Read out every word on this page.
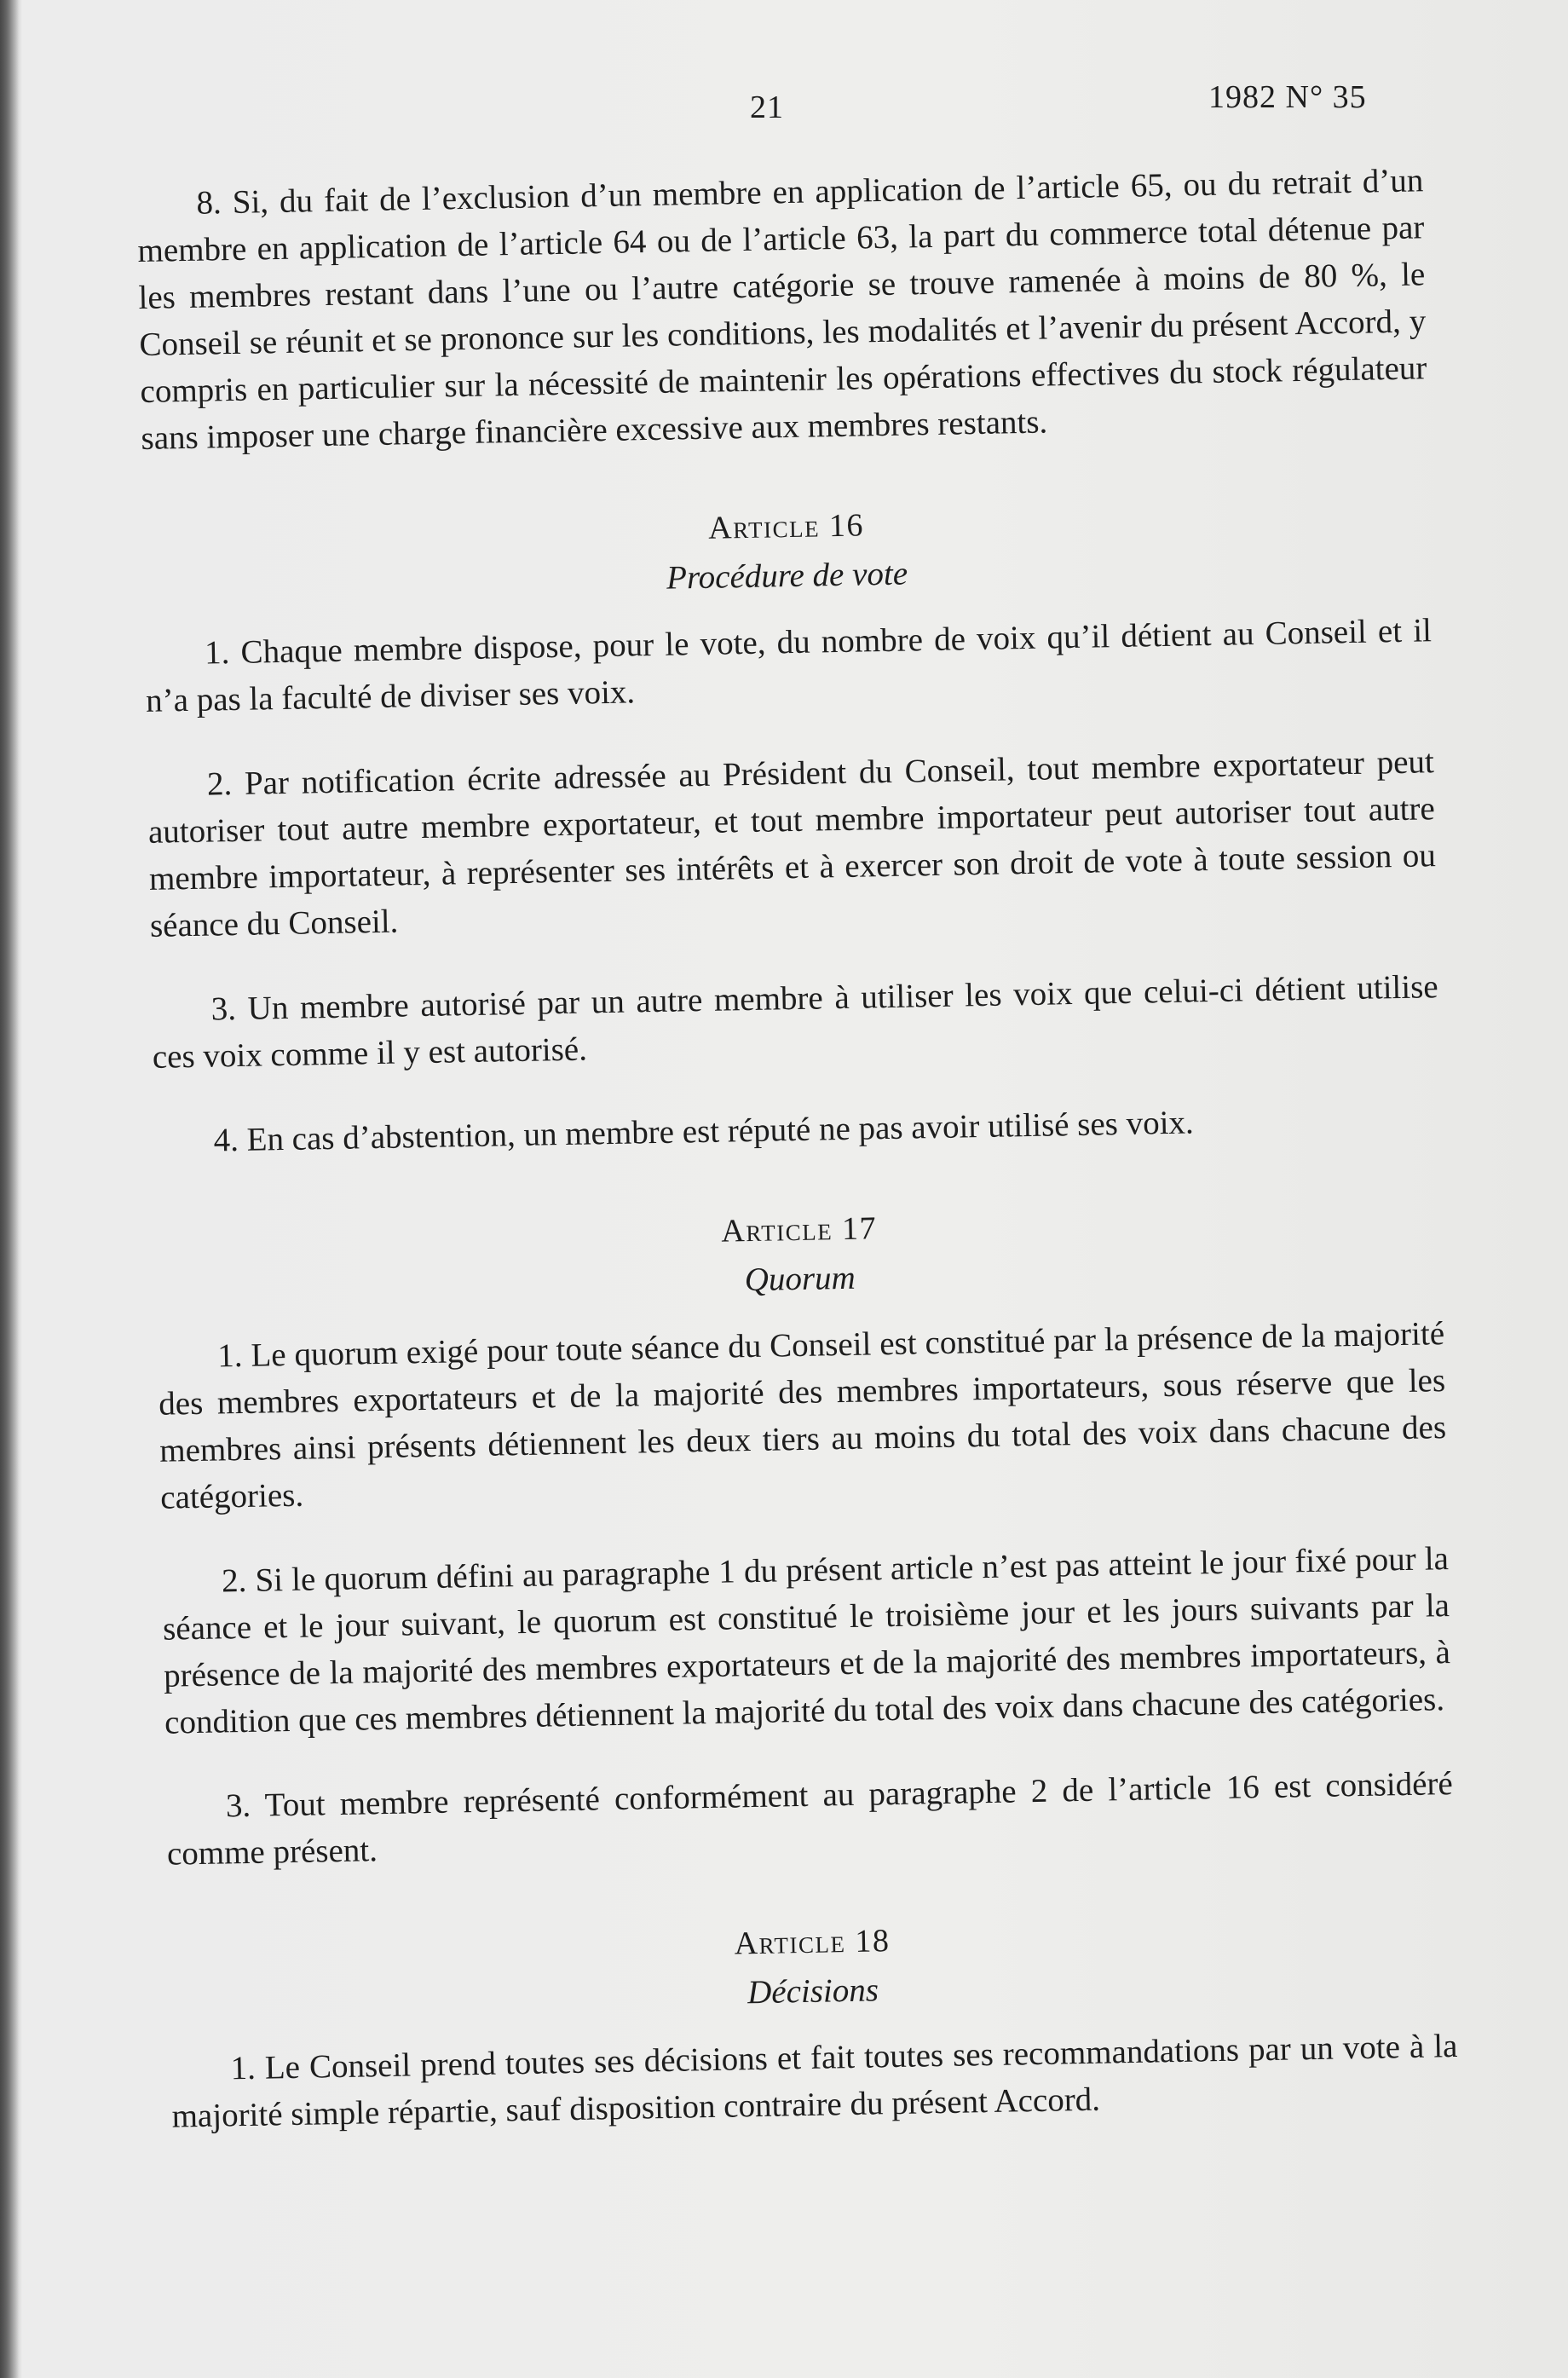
21	1982 N° 35

8. Si, du fait de l’exclusion d’un membre en application de l’article 65, ou du retrait d’un membre en application de l’article 64 ou de l’article 63, la part du commerce total détenue par les membres restant dans l’une ou l’autre catégorie se trouve ramenée à moins de 80 %, le Conseil se réunit et se prononce sur les conditions, les modalités et l’avenir du présent Accord, y compris en particulier sur la nécessité de maintenir les opérations effectives du stock régulateur sans imposer une charge financière excessive aux membres restants.

Article 16
Procédure de vote

1. Chaque membre dispose, pour le vote, du nombre de voix qu’il détient au Conseil et il n’a pas la faculté de diviser ses voix.

2. Par notification écrite adressée au Président du Conseil, tout membre exportateur peut autoriser tout autre membre exportateur, et tout membre importateur peut autoriser tout autre membre importateur, à représenter ses intérêts et à exercer son droit de vote à toute session ou séance du Conseil.

3. Un membre autorisé par un autre membre à utiliser les voix que celui-ci détient utilise ces voix comme il y est autorisé.

4. En cas d’abstention, un membre est réputé ne pas avoir utilisé ses voix.

Article 17
Quorum

1. Le quorum exigé pour toute séance du Conseil est constitué par la présence de la majorité des membres exportateurs et de la majorité des membres importateurs, sous réserve que les membres ainsi présents détiennent les deux tiers au moins du total des voix dans chacune des catégories.

2. Si le quorum défini au paragraphe 1 du présent article n’est pas atteint le jour fixé pour la séance et le jour suivant, le quorum est constitué le troisième jour et les jours suivants par la présence de la majorité des membres exportateurs et de la majorité des membres importateurs, à condition que ces membres détiennent la majorité du total des voix dans chacune des catégories.

3. Tout membre représenté conformément au paragraphe 2 de l’article 16 est considéré comme présent.

Article 18
Décisions

1. Le Conseil prend toutes ses décisions et fait toutes ses recommandations par un vote à la majorité simple répartie, sauf disposition contraire du présent Accord.
